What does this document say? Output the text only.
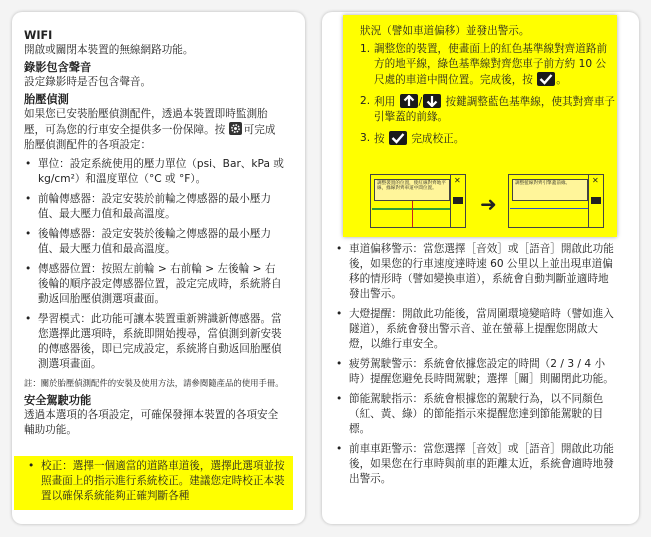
WIFI
開啟或關閉本裝置的無線網路功能。
錄影包含聲音
設定錄影時是否包含聲音。
胎壓偵測
如果您已安裝胎壓偵測配件，透過本裝置即時監測胎壓，可為您的行車安全提供多一份保障。按 可完成胎壓偵測配件的各項設定：
• 單位：設定系統使用的壓力單位（psi、Bar、kPa 或 kg/cm²）和溫度單位（°C 或 °F）。
• 前輪傳感器：設定安裝於前輪之傳感器的最小壓力值、最大壓力值和最高溫度。
• 後輪傳感器：設定安裝於後輪之傳感器的最小壓力值、最大壓力值和最高溫度。
• 傳感器位置：按照左前輪 > 右前輪 > 左後輪 > 右後輪的順序設定傳感器位置，設定完成時，系統將自動返回胎壓偵測選項畫面。
• 學習模式：此功能可讓本裝置重新辨識新傳感器。當您選擇此選項時，系統即開始搜尋，當偵測到新安裝的傳感器後，即已完成設定，系統將自動返回胎壓偵測選項畫面。
註：關於胎壓偵測配件的安裝及使用方法，請參閱隨產品的使用手冊。
安全駕駛功能
透過本選項的各項設定，可確保發揮本裝置的各項安全輔助功能。
• 校正：選擇一個適當的道路車道後，選擇此選項並按照畫面上的指示進行系統校正。建議您定時校正本裝置以確保系統能夠正確判斷各種
狀況（譬如車道偏移）並發出警示。
1. 調整您的裝置，使畫面上的紅色基準線對齊道路前方的地平線，綠色基準線對齊您車子前方約 10 公尺處的車道中間位置。完成後，按 。
2. 利用 / 按鍵調整藍色基準線，使其對齊車子引擎蓋的前緣。
3. 按	完成校正。
調整裝置的位置，使紅線對齊地平線，綠線對齊車道中間位置。
✕
➜
調整藍線對齊引擎蓋前緣。	✕
• 車道偏移警示：當您選擇［音效］或［語音］開啟此功能後，如果您的行車速度達時速 60 公里以上並出現車道偏移的情形時（譬如變換車道），系統會自動判斷並適時地發出警示。
• 大燈提醒：開啟此功能後，當周圍環境變暗時（譬如進入隧道），系統會發出警示音、並在螢幕上提醒您開啟大燈，以維行車安全。
• 疲勞駕駛警示：系統會依據您設定的時間（2 / 3 / 4 小時）提醒您避免長時間駕駛；選擇［關］則關閉此功能。
• 節能駕駛指示：系統會根據您的駕駛行為，以不同顏色（紅、黃、綠）的節能指示來提醒您達到節能駕駛的目標。
• 前車車距警示：當您選擇［音效］或［語音］開啟此功能後，如果您在行車時與前車的距離太近，系統會適時地發出警示。
